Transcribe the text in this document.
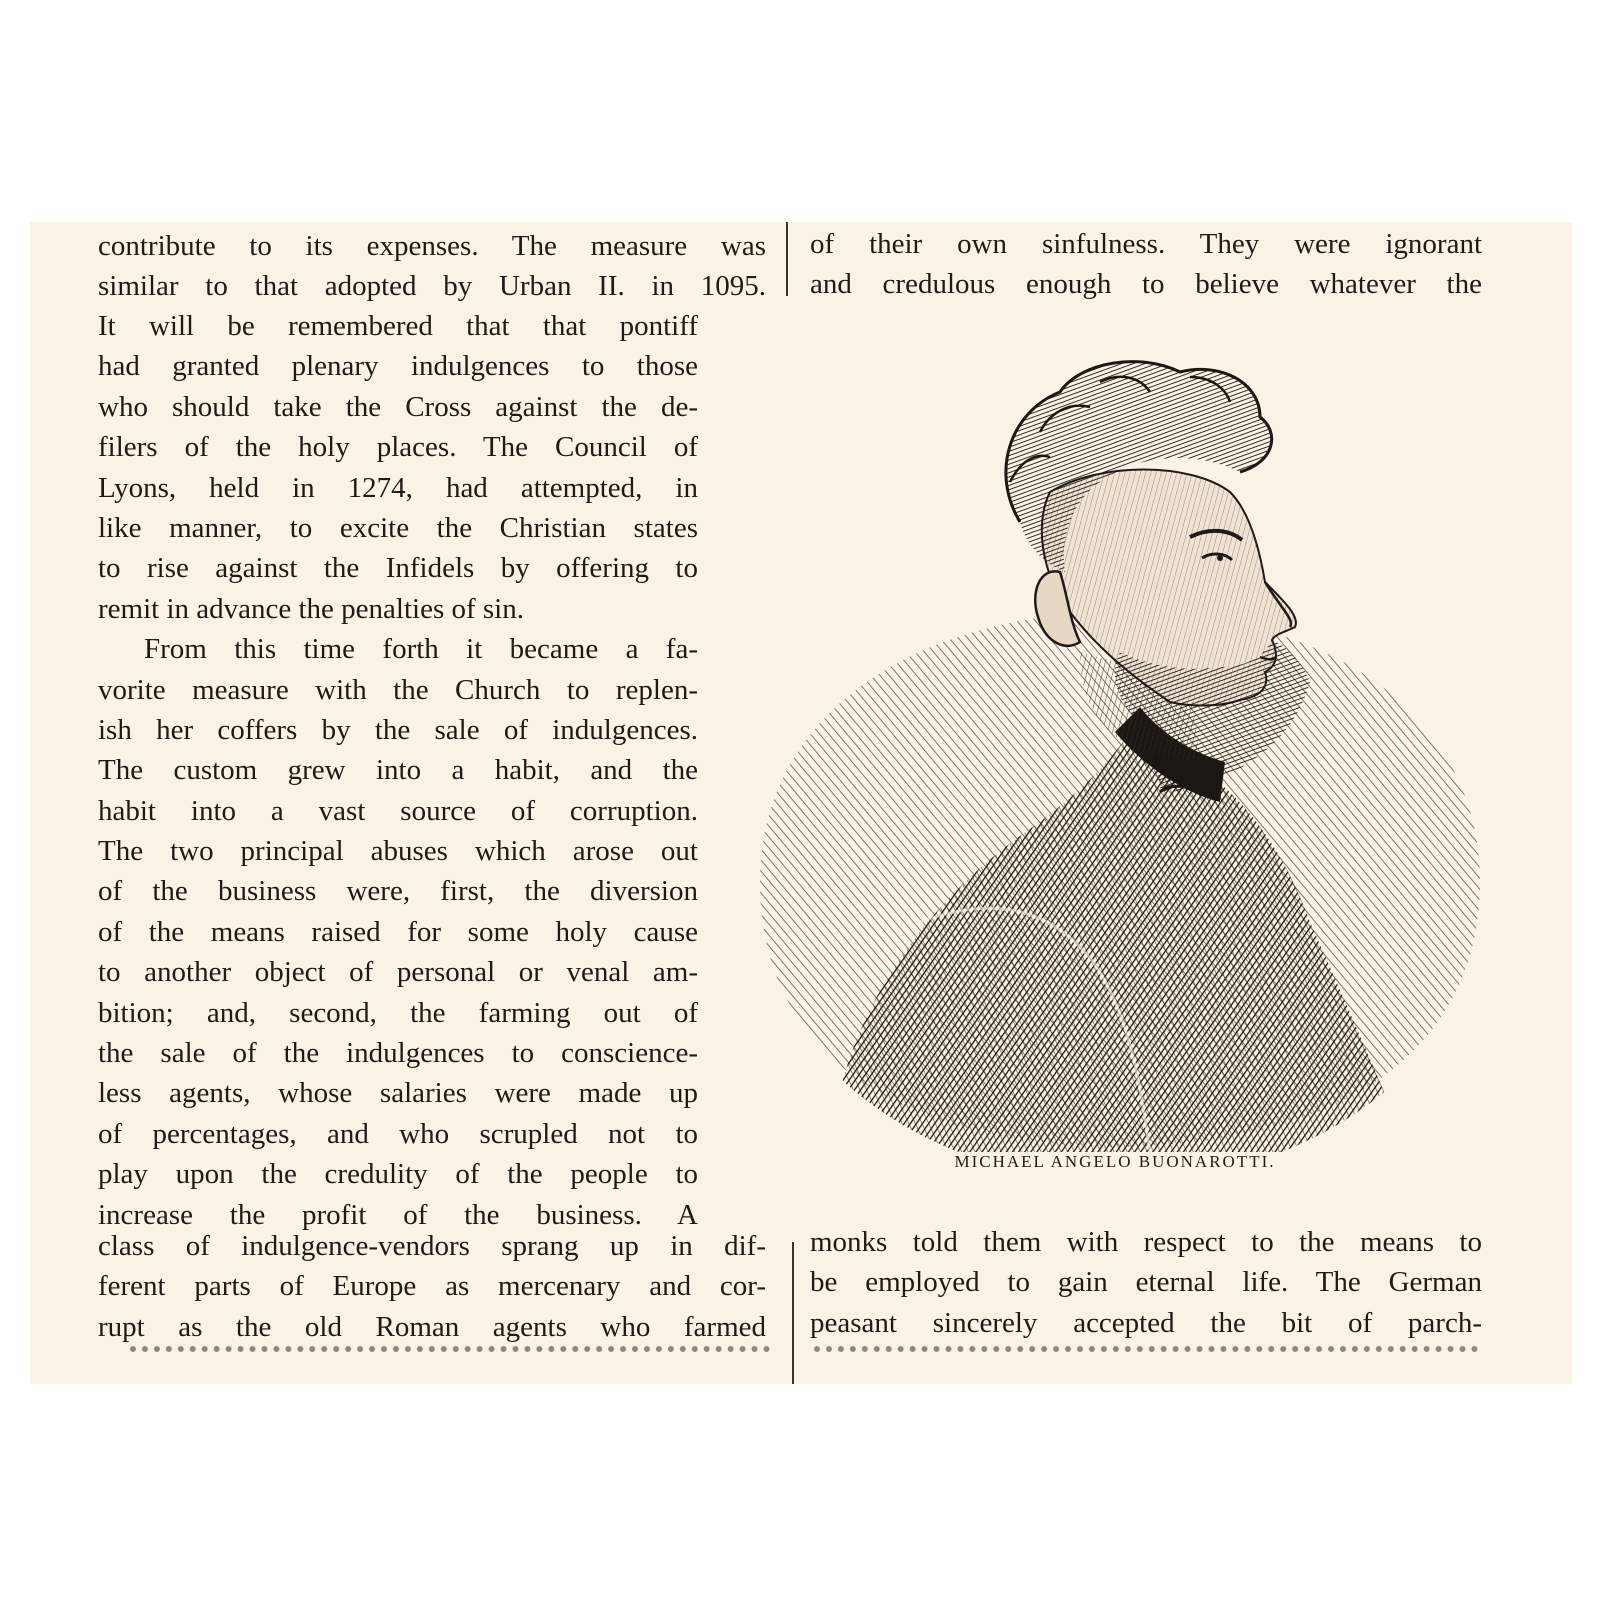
contribute to its expenses. The measure was
similar to that adopted by Urban II. in 1095.
It will be remembered that that pontiff
had granted plenary indulgences to those
who should take the Cross against the de-
filers of the holy places. The Council of
Lyons, held in 1274, had attempted, in
like manner, to excite the Christian states
to rise against the Infidels by offering to
remit in advance the penalties of sin.
From this time forth it became a fa-
vorite measure with the Church to replen-
ish her coffers by the sale of indulgences.
The custom grew into a habit, and the
habit into a vast source of corruption.
The two principal abuses which arose out
of the business were, first, the diversion
of the means raised for some holy cause
to another object of personal or venal am-
bition; and, second, the farming out of
the sale of the indulgences to conscience-
less agents, whose salaries were made up
of percentages, and who scrupled not to
play upon the credulity of the people to
increase the profit of the business. A
class of indulgence-vendors sprang up in dif-
ferent parts of Europe as mercenary and cor-
rupt as the old Roman agents who farmed
of their own sinfulness. They were ignorant
and credulous enough to believe whatever the
MICHAEL ANGELO BUONAROTTI.
monks told them with respect to the means to
be employed to gain eternal life. The German
peasant sincerely accepted the bit of parch-
